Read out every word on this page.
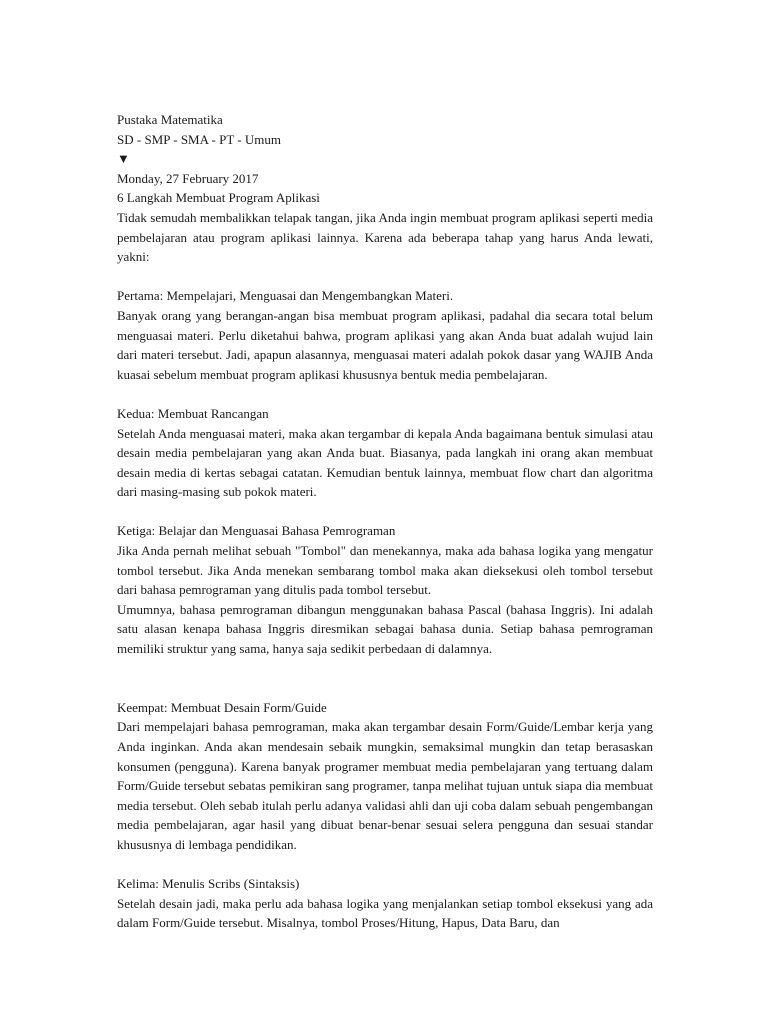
Pustaka Matematika
SD - SMP - SMA - PT - Umum
▼
Monday, 27 February 2017
6 Langkah Membuat Program Aplikasi

Tidak semudah membalikkan telapak tangan, jika Anda ingin membuat program aplikasi seperti media pembelajaran atau program aplikasi lainnya. Karena ada beberapa tahap yang harus Anda lewati, yakni:

Pertama: Mempelajari, Menguasai dan Mengembangkan Materi.

Banyak orang yang berangan-angan bisa membuat program aplikasi, padahal dia secara total belum menguasai materi. Perlu diketahui bahwa, program aplikasi yang akan Anda buat adalah wujud lain dari materi tersebut. Jadi, apapun alasannya, menguasai materi adalah pokok dasar yang WAJIB Anda kuasai sebelum membuat program aplikasi khususnya bentuk media pembelajaran.

Kedua: Membuat Rancangan

Setelah Anda menguasai materi, maka akan tergambar di kepala Anda bagaimana bentuk simulasi atau desain media pembelajaran yang akan Anda buat. Biasanya, pada langkah ini orang akan membuat desain media di kertas sebagai catatan. Kemudian bentuk lainnya, membuat flow chart dan algoritma dari masing-masing sub pokok materi.

Ketiga: Belajar dan Menguasai Bahasa Pemrograman

Jika Anda pernah melihat sebuah "Tombol" dan menekannya, maka ada bahasa logika yang mengatur tombol tersebut. Jika Anda menekan sembarang tombol maka akan dieksekusi oleh tombol tersebut dari bahasa pemrograman yang ditulis pada tombol tersebut.

Umumnya, bahasa pemrograman dibangun menggunakan bahasa Pascal (bahasa Inggris). Ini adalah satu alasan kenapa bahasa Inggris diresmikan sebagai bahasa dunia. Setiap bahasa pemrograman memiliki struktur yang sama, hanya saja sedikit perbedaan di dalamnya.

Keempat: Membuat Desain Form/Guide

Dari mempelajari bahasa pemrograman, maka akan tergambar desain Form/Guide/Lembar kerja yang Anda inginkan. Anda akan mendesain sebaik mungkin, semaksimal mungkin dan tetap berasaskan konsumen (pengguna). Karena banyak programer membuat media pembelajaran yang tertuang dalam Form/Guide tersebut sebatas pemikiran sang programer, tanpa melihat tujuan untuk siapa dia membuat media tersebut. Oleh sebab itulah perlu adanya validasi ahli dan uji coba dalam sebuah pengembangan media pembelajaran, agar hasil yang dibuat benar-benar sesuai selera pengguna dan sesuai standar khususnya di lembaga pendidikan.

Kelima: Menulis Scribs (Sintaksis)

Setelah desain jadi, maka perlu ada bahasa logika yang menjalankan setiap tombol eksekusi yang ada dalam Form/Guide tersebut. Misalnya, tombol Proses/Hitung, Hapus, Data Baru, dan
